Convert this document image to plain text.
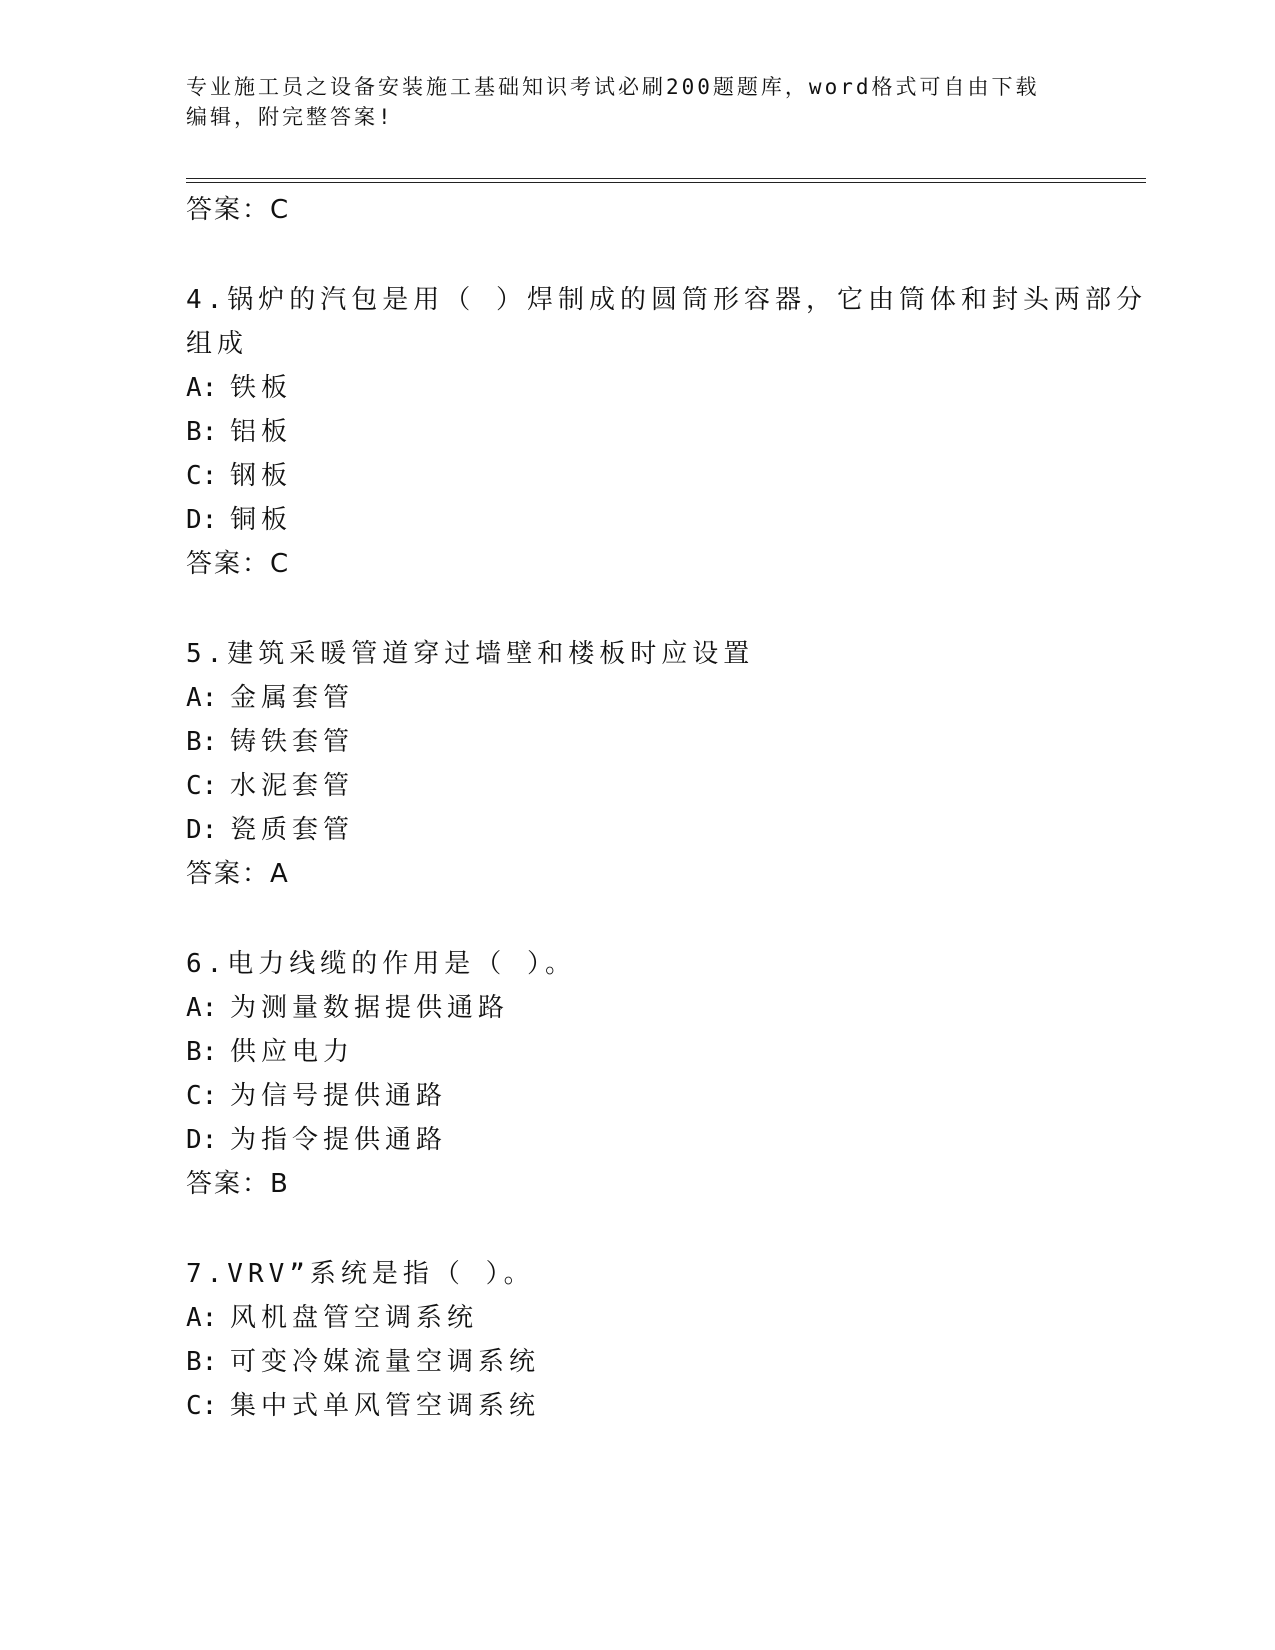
专业施工员之设备安装施工基础知识考试必刷200题题库，word格式可自由下载
编辑，附完整答案!
答案：C
4.锅炉的汽包是用（ ）焊制成的圆筒形容器，它由筒体和封头两部分
组成
A: 铁板
B: 铝板
C: 钢板
D: 铜板
答案：C
5.建筑采暖管道穿过墙壁和楼板时应设置
A: 金属套管
B: 铸铁套管
C: 水泥套管
D: 瓷质套管
答案：A
6.电力线缆的作用是（ ）。
A: 为测量数据提供通路
B: 供应电力
C: 为信号提供通路
D: 为指令提供通路
答案：B
7.VRV”系统是指（ ）。
A: 风机盘管空调系统
B: 可变冷媒流量空调系统
C: 集中式单风管空调系统
